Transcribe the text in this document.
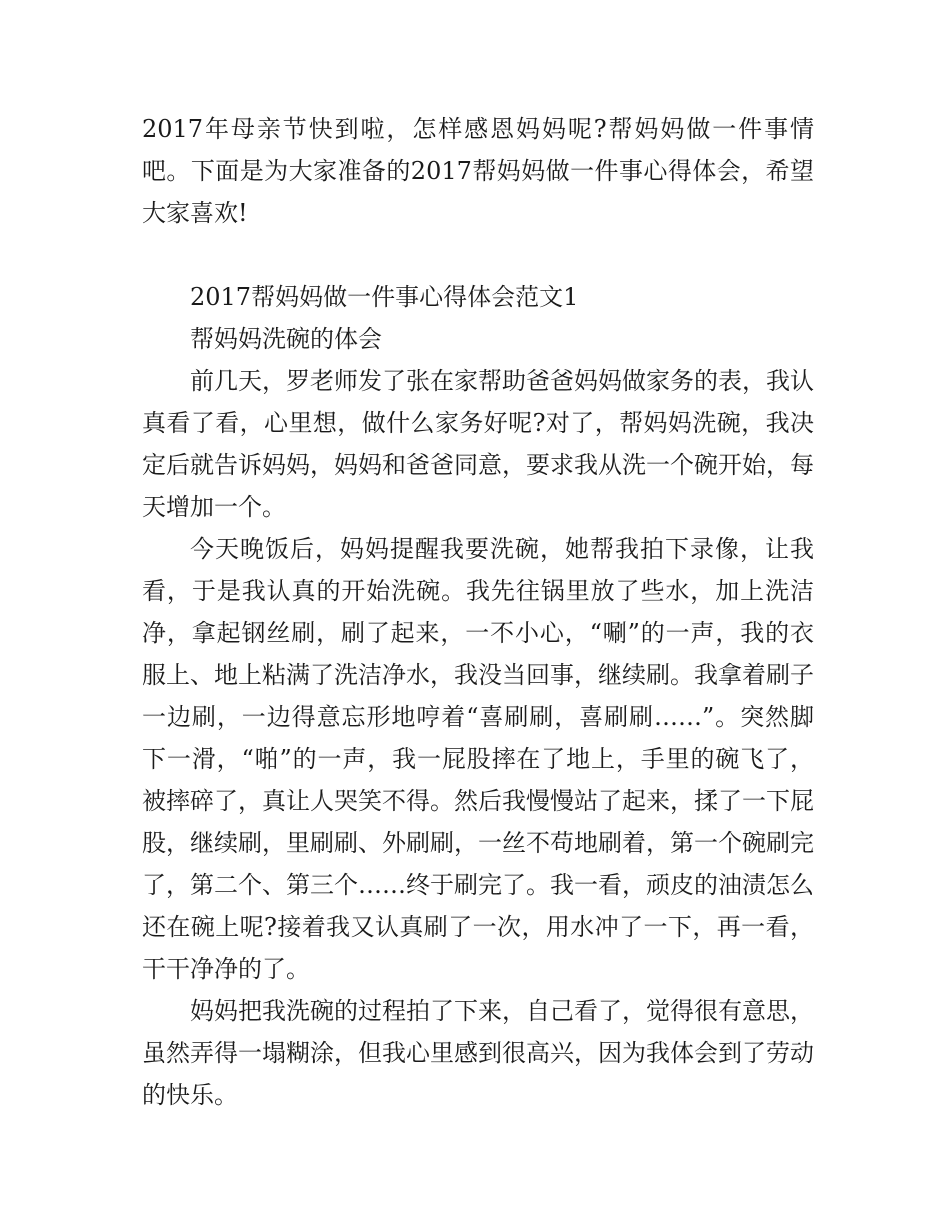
2017年母亲节快到啦，怎样感恩妈妈呢?帮妈妈做一件事情吧。下面是为大家准备的2017帮妈妈做一件事心得体会，希望大家喜欢!

2017帮妈妈做一件事心得体会范文1

帮妈妈洗碗的体会

前几天，罗老师发了张在家帮助爸爸妈妈做家务的表，我认真看了看，心里想，做什么家务好呢?对了，帮妈妈洗碗，我决定后就告诉妈妈，妈妈和爸爸同意，要求我从洗一个碗开始，每天增加一个。

今天晚饭后，妈妈提醒我要洗碗，她帮我拍下录像，让我看，于是我认真的开始洗碗。我先往锅里放了些水，加上洗洁净，拿起钢丝刷，刷了起来，一不小心，“唰”的一声，我的衣服上、地上粘满了洗洁净水，我没当回事，继续刷。我拿着刷子一边刷，一边得意忘形地哼着“喜刷刷，喜刷刷……”。突然脚下一滑，“啪”的一声，我一屁股摔在了地上，手里的碗飞了，被摔碎了，真让人哭笑不得。然后我慢慢站了起来，揉了一下屁股，继续刷，里刷刷、外刷刷，一丝不苟地刷着，第一个碗刷完了，第二个、第三个……终于刷完了。我一看，顽皮的油渍怎么还在碗上呢?接着我又认真刷了一次，用水冲了一下，再一看，干干净净的了。

妈妈把我洗碗的过程拍了下来，自己看了，觉得很有意思，虽然弄得一塌糊涂，但我心里感到很高兴，因为我体会到了劳动的快乐。
